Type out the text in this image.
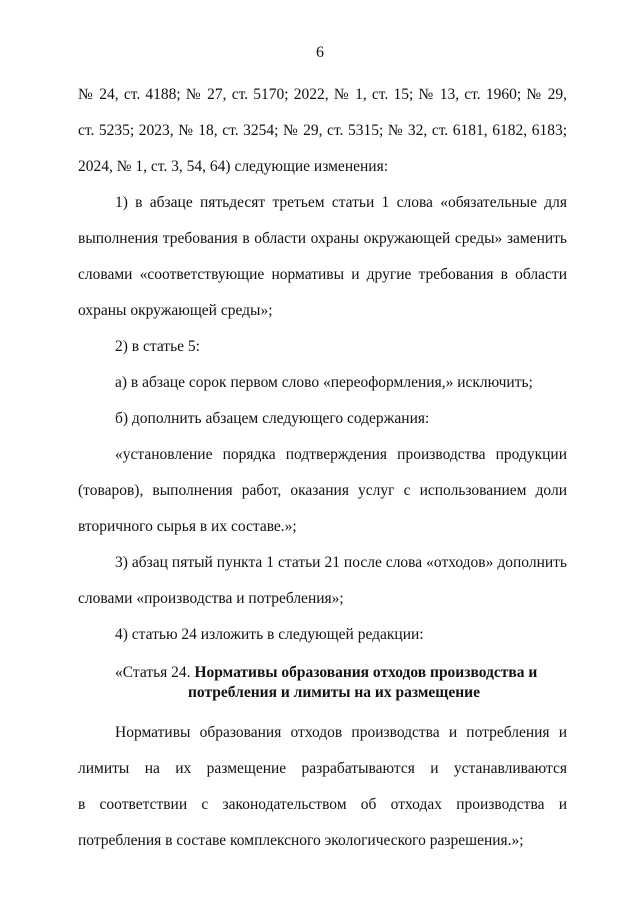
6
№ 24, ст. 4188; № 27, ст. 5170; 2022, № 1, ст. 15; № 13, ст. 1960; № 29,
ст. 5235; 2023, № 18, ст. 3254; № 29, ст. 5315; № 32, ст. 6181, 6182, 6183;
2024, № 1, ст. 3, 54, 64) следующие изменения:
1) в абзаце пятьдесят третьем статьи 1 слова «обязательные для
выполнения требования в области охраны окружающей среды» заменить
словами «соответствующие нормативы и другие требования в области
охраны окружающей среды»;
2) в статье 5:
а) в абзаце сорок первом слово «переоформления,» исключить;
б) дополнить абзацем следующего содержания:
«установление порядка подтверждения производства продукции
(товаров), выполнения работ, оказания услуг с использованием доли
вторичного сырья в их составе.»;
3) абзац пятый пункта 1 статьи 21 после слова «отходов» дополнить
словами «производства и потребления»;
4) статью 24 изложить в следующей редакции:
«Статья 24. Нормативы образования отходов производства и
потребления и лимиты на их размещение
Нормативы образования отходов производства и потребления и
лимиты на их размещение разрабатываются и устанавливаются
в соответствии с законодательством об отходах производства и
потребления в составе комплексного экологического разрешения.»;
